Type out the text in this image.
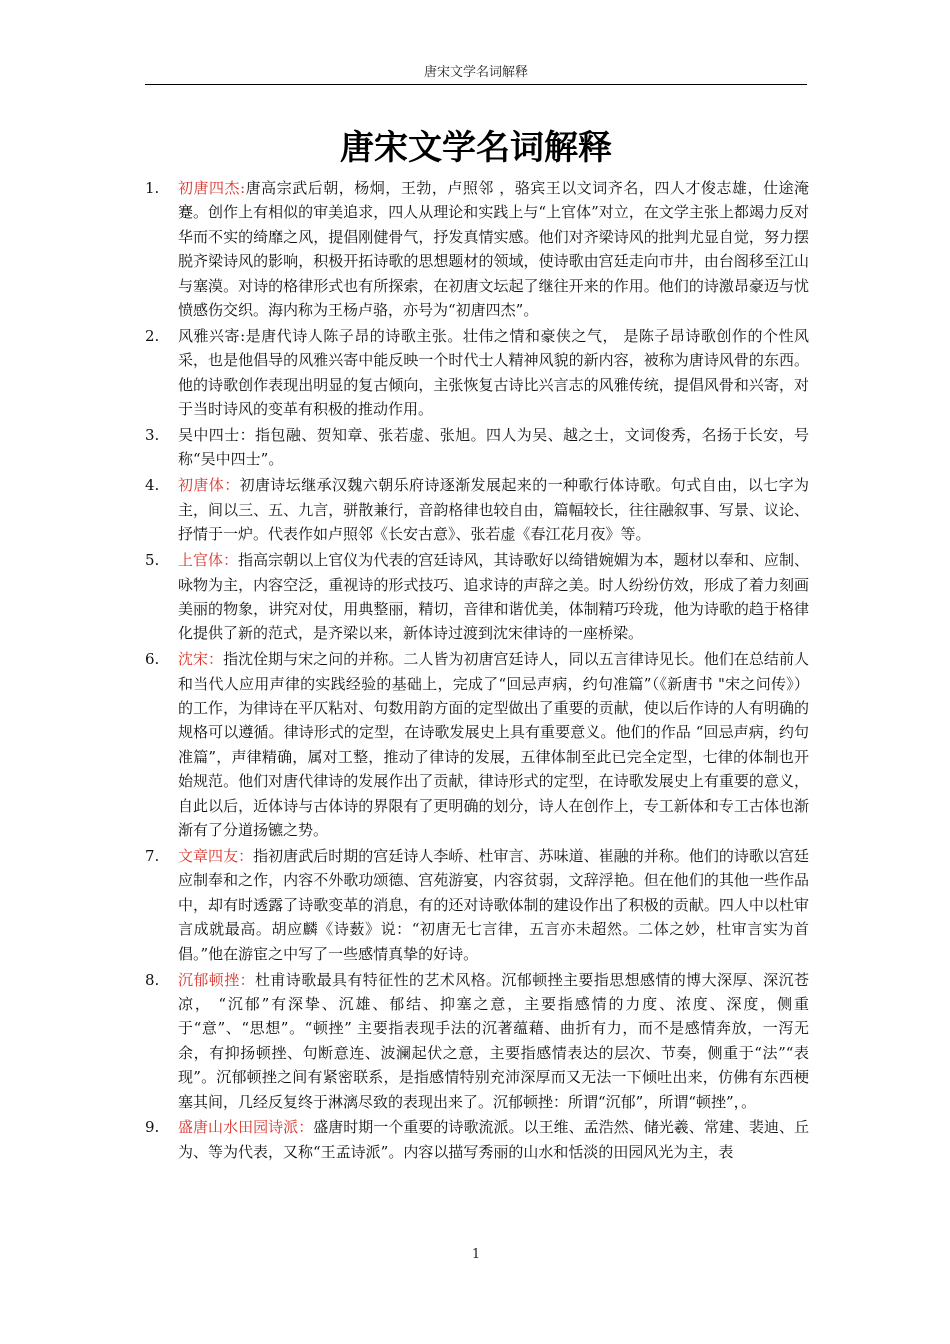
唐宋文学名词解释
唐宋文学名词解释
1.	初唐四杰:唐高宗武后朝，杨炯，王勃，卢照邻 ，骆宾王以文词齐名，四人才俊志雄，仕途淹蹇。创作上有相似的审美追求，四人从理论和实践上与“上官体”对立，在文学主张上都竭力反对华而不实的绮靡之风，提倡刚健骨气，抒发真情实感。他们对齐梁诗风的批判尤显自觉，努力摆脱齐梁诗风的影响，积极开拓诗歌的思想题材的领域，使诗歌由宫廷走向市井，由台阁移至江山与塞漠。对诗的格律形式也有所探索，在初唐文坛起了继往开来的作用。他们的诗激昂豪迈与忧愤感伤交织。海内称为王杨卢骆，亦号为“初唐四杰”。
2.	风雅兴寄:是唐代诗人陈子昂的诗歌主张。壮伟之情和豪侠之气， 是陈子昂诗歌创作的个性风采，也是他倡导的风雅兴寄中能反映一个时代士人精神风貌的新内容，被称为唐诗风骨的东西。他的诗歌创作表现出明显的复古倾向，主张恢复古诗比兴言志的风雅传统，提倡风骨和兴寄，对于当时诗风的变革有积极的推动作用。
3.	吴中四士：指包融、贺知章、张若虚、张旭。四人为吴、越之士，文词俊秀，名扬于长安，号称“吴中四士”。
4.	初唐体：初唐诗坛继承汉魏六朝乐府诗逐渐发展起来的一种歌行体诗歌。句式自由，以七字为主，间以三、五、九言，骈散兼行，音韵格律也较自由，篇幅较长，往往融叙事、写景、议论、抒情于一炉。代表作如卢照邻《长安古意》、张若虚《春江花月夜》等。
5.	上官体：指高宗朝以上官仪为代表的宫廷诗风，其诗歌好以绮错婉媚为本，题材以奉和、应制、咏物为主，内容空泛，重视诗的形式技巧、追求诗的声辞之美。时人纷纷仿效，形成了着力刻画美丽的物象，讲究对仗，用典整丽，精切，音律和谐优美，体制精巧玲珑，他为诗歌的趋于格律化提供了新的范式，是齐梁以来，新体诗过渡到沈宋律诗的一座桥梁。
6.	沈宋：指沈佺期与宋之问的并称。二人皆为初唐宫廷诗人，同以五言律诗见长。他们在总结前人和当代人应用声律的实践经验的基础上，完成了“回忌声病，约句准篇”（《新唐书 "宋之问传》）的工作，为律诗在平仄粘对、句数用韵方面的定型做出了重要的贡献，使以后作诗的人有明确的规格可以遵循。律诗形式的定型，在诗歌发展史上具有重要意义。他们的作品 “回忌声病，约句准篇”，声律精确，属对工整，推动了律诗的发展，五律体制至此已完全定型，七律的体制也开始规范。他们对唐代律诗的发展作出了贡献，律诗形式的定型，在诗歌发展史上有重要的意义，自此以后，近体诗与古体诗的界限有了更明确的划分，诗人在创作上，专工新体和专工古体也渐渐有了分道扬镳之势。
7.	文章四友：指初唐武后时期的宫廷诗人李峤、杜审言、苏味道、崔融的并称。他们的诗歌以宫廷应制奉和之作，内容不外歌功颂德、宫苑游宴，内容贫弱，文辞浮艳。但在他们的其他一些作品中，却有时透露了诗歌变革的消息，有的还对诗歌体制的建设作出了积极的贡献。四人中以杜审言成就最高。胡应麟《诗薮》说：“初唐无七言律，五言亦未超然。二体之妙，杜审言实为首倡。”他在游宦之中写了一些感情真挚的好诗。
8.	沉郁顿挫：杜甫诗歌最具有特征性的艺术风格。沉郁顿挫主要指思想感情的博大深厚、深沉苍凉， “沉郁”有深挚、沉雄、郁结、抑塞之意，主要指感情的力度、浓度、深度，侧重于“意”、“思想”。“顿挫” 主要指表现手法的沉著蕴藉、曲折有力，而不是感情奔放，一泻无余，有抑扬顿挫、句断意连、波澜起伏之意，主要指感情表达的层次、节奏，侧重于“法”“表现”。沉郁顿挫之间有紧密联系，是指感情特别充沛深厚而又无法一下倾吐出来，仿佛有东西梗塞其间，几经反复终于淋漓尽致的表现出来了。沉郁顿挫：所谓“沉郁”，所谓“顿挫”，。
9.	盛唐山水田园诗派：盛唐时期一个重要的诗歌流派。以王维、孟浩然、储光羲、常建、裴迪、丘为、等为代表，又称“王孟诗派”。内容以描写秀丽的山水和恬淡的田园风光为主，表
1
